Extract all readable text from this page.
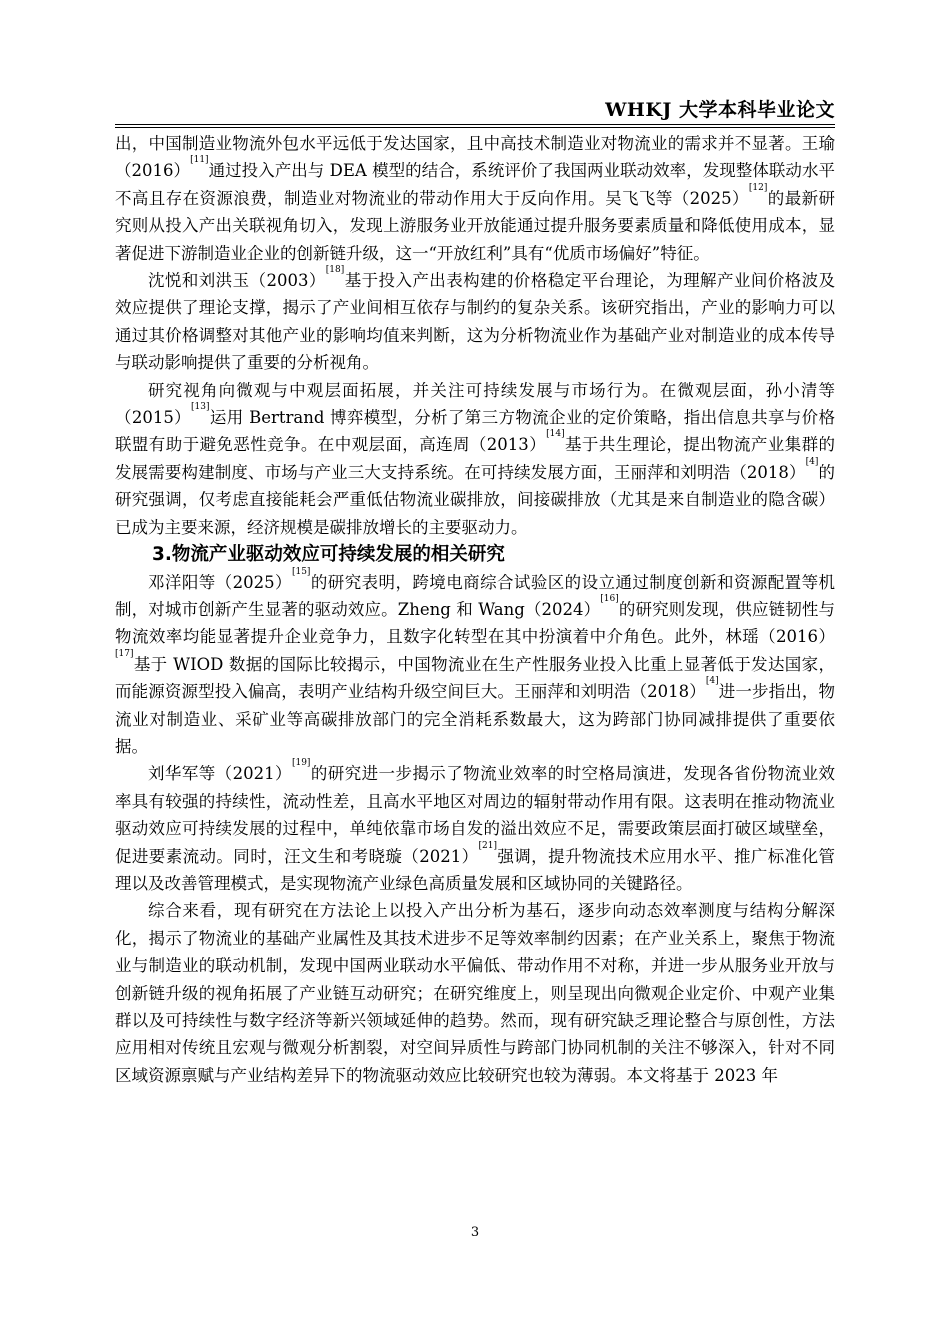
WHKJ 大学本科毕业论文

出，中国制造业物流外包水平远低于发达国家，且中高技术制造业对物流业的需求并不显著。王瑜（2016）[11]通过投入产出与 DEA 模型的结合，系统评价了我国两业联动效率，发现整体联动水平不高且存在资源浪费，制造业对物流业的带动作用大于反向作用。吴飞飞等（2025）[12]的最新研究则从投入产出关联视角切入，发现上游服务业开放能通过提升服务要素质量和降低使用成本，显著促进下游制造业企业的创新链升级，这一“开放红利”具有“优质市场偏好”特征。

沈悦和刘洪玉（2003）[18]基于投入产出表构建的价格稳定平台理论，为理解产业间价格波及效应提供了理论支撑，揭示了产业间相互依存与制约的复杂关系。该研究指出，产业的影响力可以通过其价格调整对其他产业的影响均值来判断，这为分析物流业作为基础产业对制造业的成本传导与联动影响提供了重要的分析视角。

研究视角向微观与中观层面拓展，并关注可持续发展与市场行为。在微观层面，孙小清等（2015）[13]运用 Bertrand 博弈模型，分析了第三方物流企业的定价策略，指出信息共享与价格联盟有助于避免恶性竞争。在中观层面，高连周（2013）[14]基于共生理论，提出物流产业集群的发展需要构建制度、市场与产业三大支持系统。在可持续发展方面，王丽萍和刘明浩（2018）[4]的研究强调，仅考虑直接能耗会严重低估物流业碳排放，间接碳排放（尤其是来自制造业的隐含碳）已成为主要来源，经济规模是碳排放增长的主要驱动力。

3.物流产业驱动效应可持续发展的相关研究

邓洋阳等（2025）[15]的研究表明，跨境电商综合试验区的设立通过制度创新和资源配置等机制，对城市创新产生显著的驱动效应。Zheng 和 Wang（2024）[16]的研究则发现，供应链韧性与物流效率均能显著提升企业竞争力，且数字化转型在其中扮演着中介角色。此外，林瑶（2016）[17]基于 WIOD 数据的国际比较揭示，中国物流业在生产性服务业投入比重上显著低于发达国家，而能源资源型投入偏高，表明产业结构升级空间巨大。王丽萍和刘明浩（2018）[4]进一步指出，物流业对制造业、采矿业等高碳排放部门的完全消耗系数最大，这为跨部门协同减排提供了重要依据。

刘华军等（2021）[19]的研究进一步揭示了物流业效率的时空格局演进，发现各省份物流业效率具有较强的持续性，流动性差，且高水平地区对周边的辐射带动作用有限。这表明在推动物流业驱动效应可持续发展的过程中，单纯依靠市场自发的溢出效应不足，需要政策层面打破区域壁垒，促进要素流动。同时，汪文生和考晓璇（2021）[21]强调，提升物流技术应用水平、推广标准化管理以及改善管理模式，是实现物流产业绿色高质量发展和区域协同的关键路径。

综合来看，现有研究在方法论上以投入产出分析为基石，逐步向动态效率测度与结构分解深化，揭示了物流业的基础产业属性及其技术进步不足等效率制约因素；在产业关系上，聚焦于物流业与制造业的联动机制，发现中国两业联动水平偏低、带动作用不对称，并进一步从服务业开放与创新链升级的视角拓展了产业链互动研究；在研究维度上，则呈现出向微观企业定价、中观产业集群以及可持续性与数字经济等新兴领域延伸的趋势。然而，现有研究缺乏理论整合与原创性，方法应用相对传统且宏观与微观分析割裂，对空间异质性与跨部门协同机制的关注不够深入，针对不同区域资源禀赋与产业结构差异下的物流驱动效应比较研究也较为薄弱。本文将基于 2023 年

3
